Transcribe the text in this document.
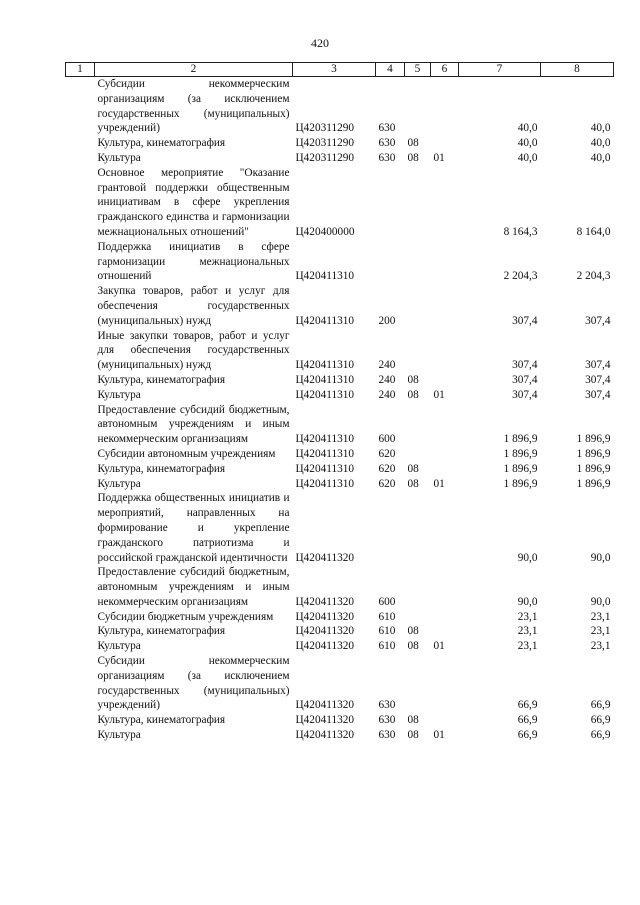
420
1	2	3	4	5	6	7	8
	Субсидии некоммерческим организациям (за исключением государственных (муниципальных) учреждений)	Ц420311290	630			40,0	40,0
	Культура, кинематография	Ц420311290	630	08		40,0	40,0
	Культура	Ц420311290	630	08	01	40,0	40,0
	Основное мероприятие "Оказание грантовой поддержки общественным инициативам в сфере укрепления гражданского единства и гармонизации межнациональных отношений"	Ц420400000				8 164,3	8 164,0
	Поддержка инициатив в сфере гармонизации межнациональных отношений	Ц420411310				2 204,3	2 204,3
	Закупка товаров, работ и услуг для обеспечения государственных (муниципальных) нужд	Ц420411310	200			307,4	307,4
	Иные закупки товаров, работ и услуг для обеспечения государственных (муниципальных) нужд	Ц420411310	240			307,4	307,4
	Культура, кинематография	Ц420411310	240	08		307,4	307,4
	Культура	Ц420411310	240	08	01	307,4	307,4
	Предоставление субсидий бюджетным, автономным учреждениям и иным некоммерческим организациям	Ц420411310	600			1 896,9	1 896,9
	Субсидии автономным учреждениям	Ц420411310	620			1 896,9	1 896,9
	Культура, кинематография	Ц420411310	620	08		1 896,9	1 896,9
	Культура	Ц420411310	620	08	01	1 896,9	1 896,9
	Поддержка общественных инициатив и мероприятий, направленных на формирование и укрепление гражданского патриотизма и российской гражданской идентичности	Ц420411320				90,0	90,0
	Предоставление субсидий бюджетным, автономным учреждениям и иным некоммерческим организациям	Ц420411320	600			90,0	90,0
	Субсидии бюджетным учреждениям	Ц420411320	610			23,1	23,1
	Культура, кинематография	Ц420411320	610	08		23,1	23,1
	Культура	Ц420411320	610	08	01	23,1	23,1
	Субсидии некоммерческим организациям (за исключением государственных (муниципальных) учреждений)	Ц420411320	630			66,9	66,9
	Культура, кинематография	Ц420411320	630	08		66,9	66,9
	Культура	Ц420411320	630	08	01	66,9	66,9
